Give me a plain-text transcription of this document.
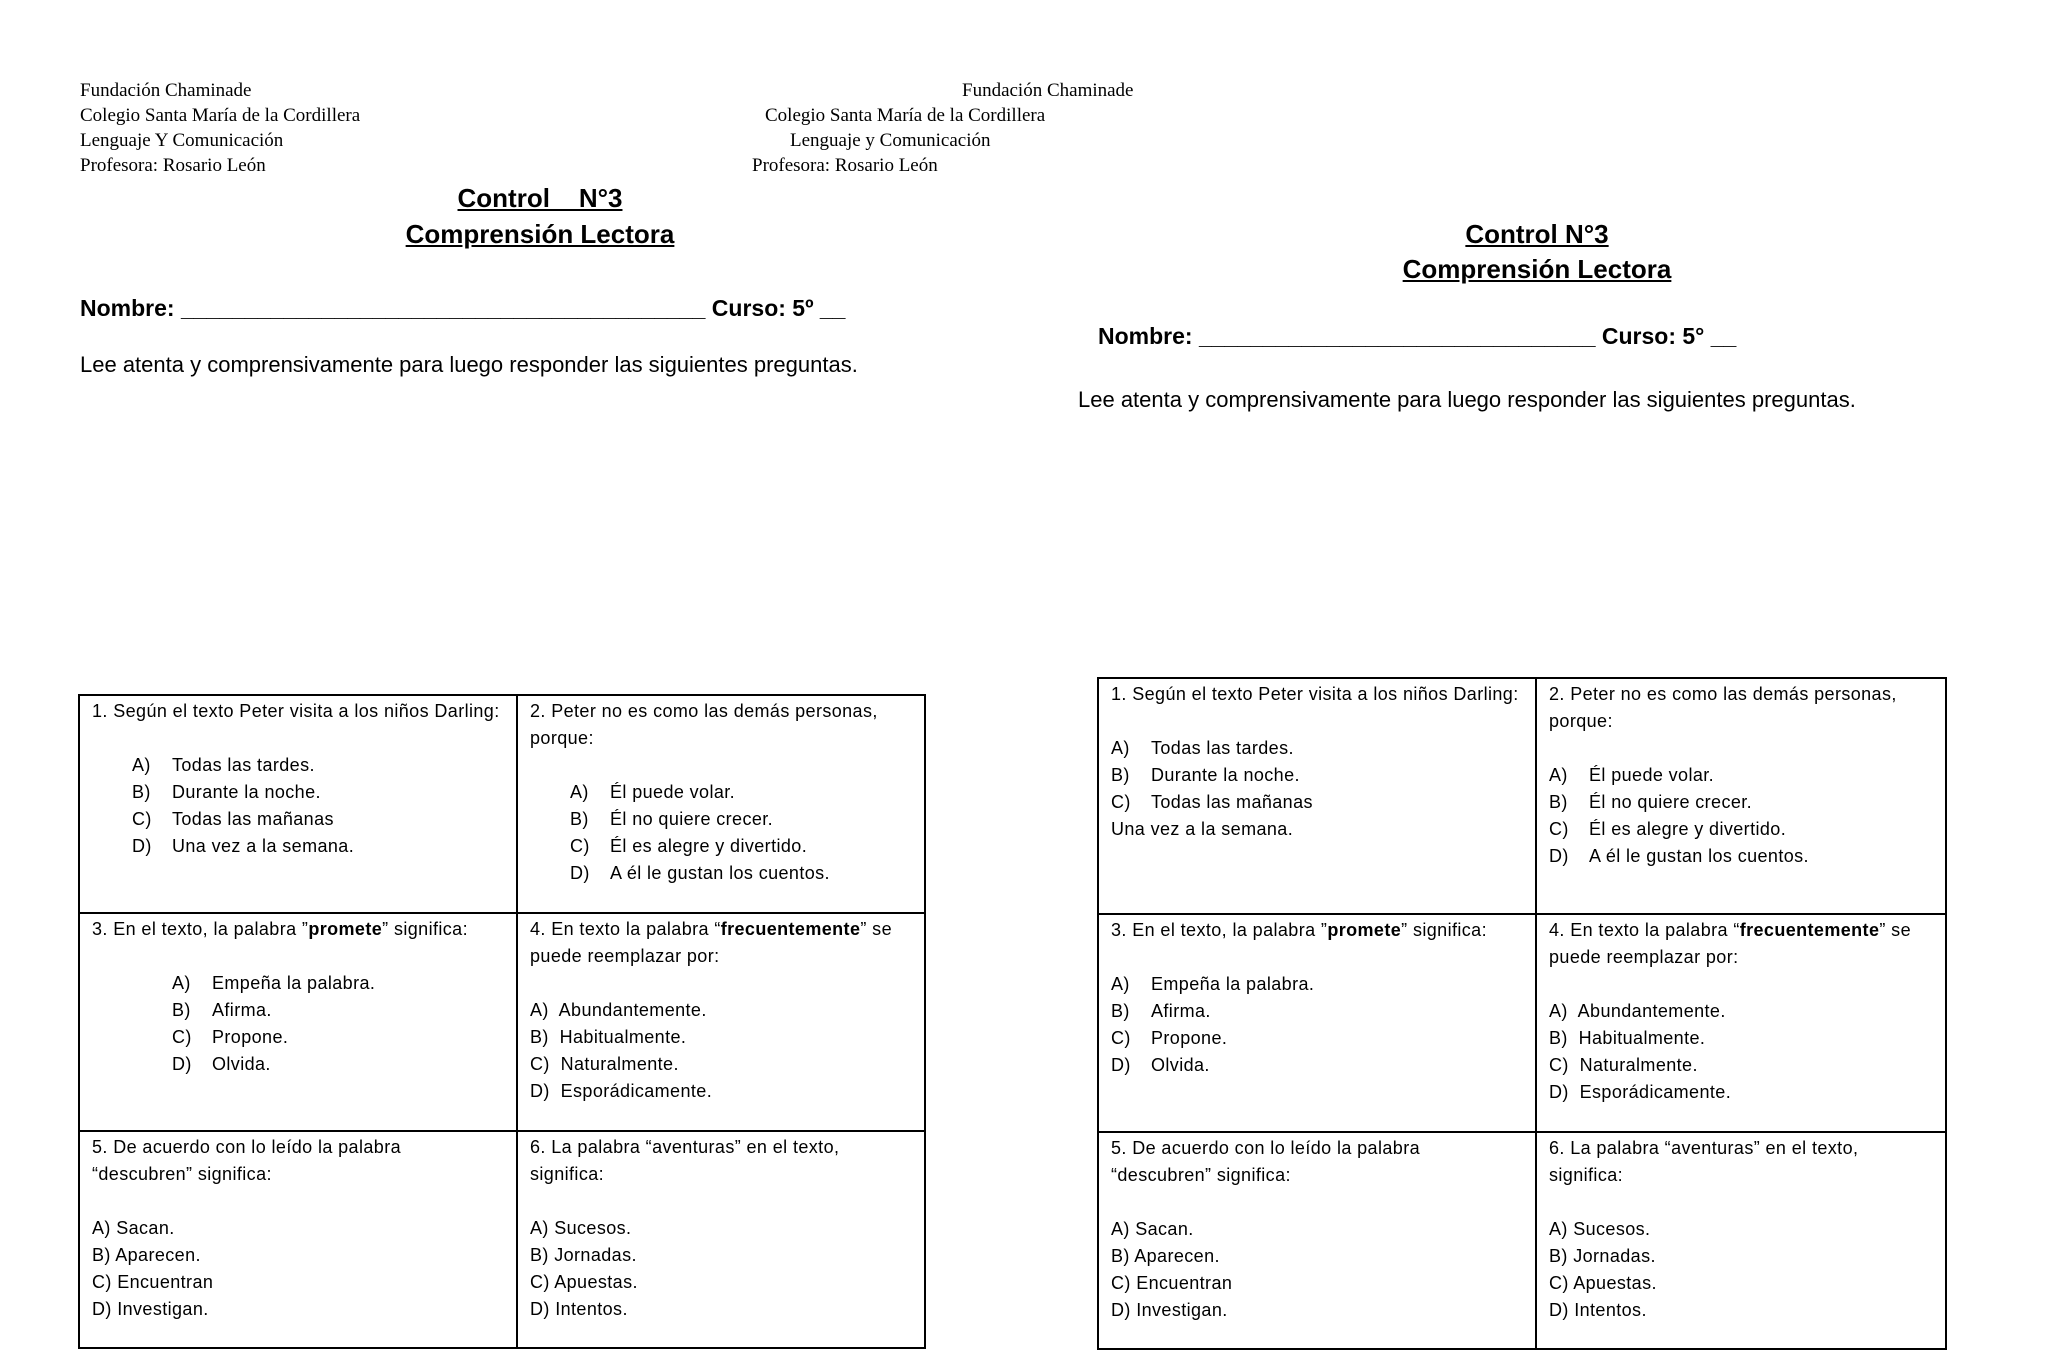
Fundación Chaminade
Colegio Santa María de la Cordillera
Lenguaje Y Comunicación
Profesora: Rosario León
Control _ N°3
Comprensión Lectora
Nombre: _________________________________________ Curso: 5º __
Lee atenta y comprensivamente para luego responder las siguientes preguntas.
1. Según el texto Peter visita a los niños Darling:
A) Todas las tardes.
B) Durante la noche.
C) Todas las mañanas
D) Una vez a la semana.	2. Peter no es como las demás personas, porque:
A) Él puede volar.
B) Él no quiere crecer.
C) Él es alegre y divertido.
D) A él le gustan los cuentos.

3. En el texto, la palabra ”promete” significa:
A) Empeña la palabra.
B) Afirma.
C) Propone.
D) Olvida.	4. En texto la palabra “frecuentemente” se puede reemplazar por:
A) Abundantemente.
B) Habitualmente.
C) Naturalmente.
D) Esporádicamente.

5. De acuerdo con lo leído la palabra “descubren” significa:
A) Sacan.
B) Aparecen.
C) Encuentran
D) Investigan.	6. La palabra “aventuras” en el texto, significa:
A) Sucesos.
B) Jornadas.
C) Apuestas.
D) Intentos.
Fundación Chaminade
Colegio Santa María de la Cordillera
Lenguaje y Comunicación
Profesora: Rosario León
Control N°3
Comprensión Lectora
Nombre: _______________________________ Curso: 5° __
Lee atenta y comprensivamente para luego responder las siguientes preguntas.
1. Según el texto Peter visita a los niños Darling:
A) Todas las tardes.
B) Durante la noche.
C) Todas las mañanas
Una vez a la semana.	2. Peter no es como las demás personas, porque:
A) Él puede volar.
B) Él no quiere crecer.
C) Él es alegre y divertido.
D) A él le gustan los cuentos.

3. En el texto, la palabra ”promete” significa:
A) Empeña la palabra.
B) Afirma.
C) Propone.
D) Olvida.	4. En texto la palabra “frecuentemente” se puede reemplazar por:
A) Abundantemente.
B) Habitualmente.
C) Naturalmente.
D) Esporádicamente.

5. De acuerdo con lo leído la palabra “descubren” significa:
A) Sacan.
B) Aparecen.
C) Encuentran
D) Investigan.	6. La palabra “aventuras” en el texto, significa:
A) Sucesos.
B) Jornadas.
C) Apuestas.
D) Intentos.
